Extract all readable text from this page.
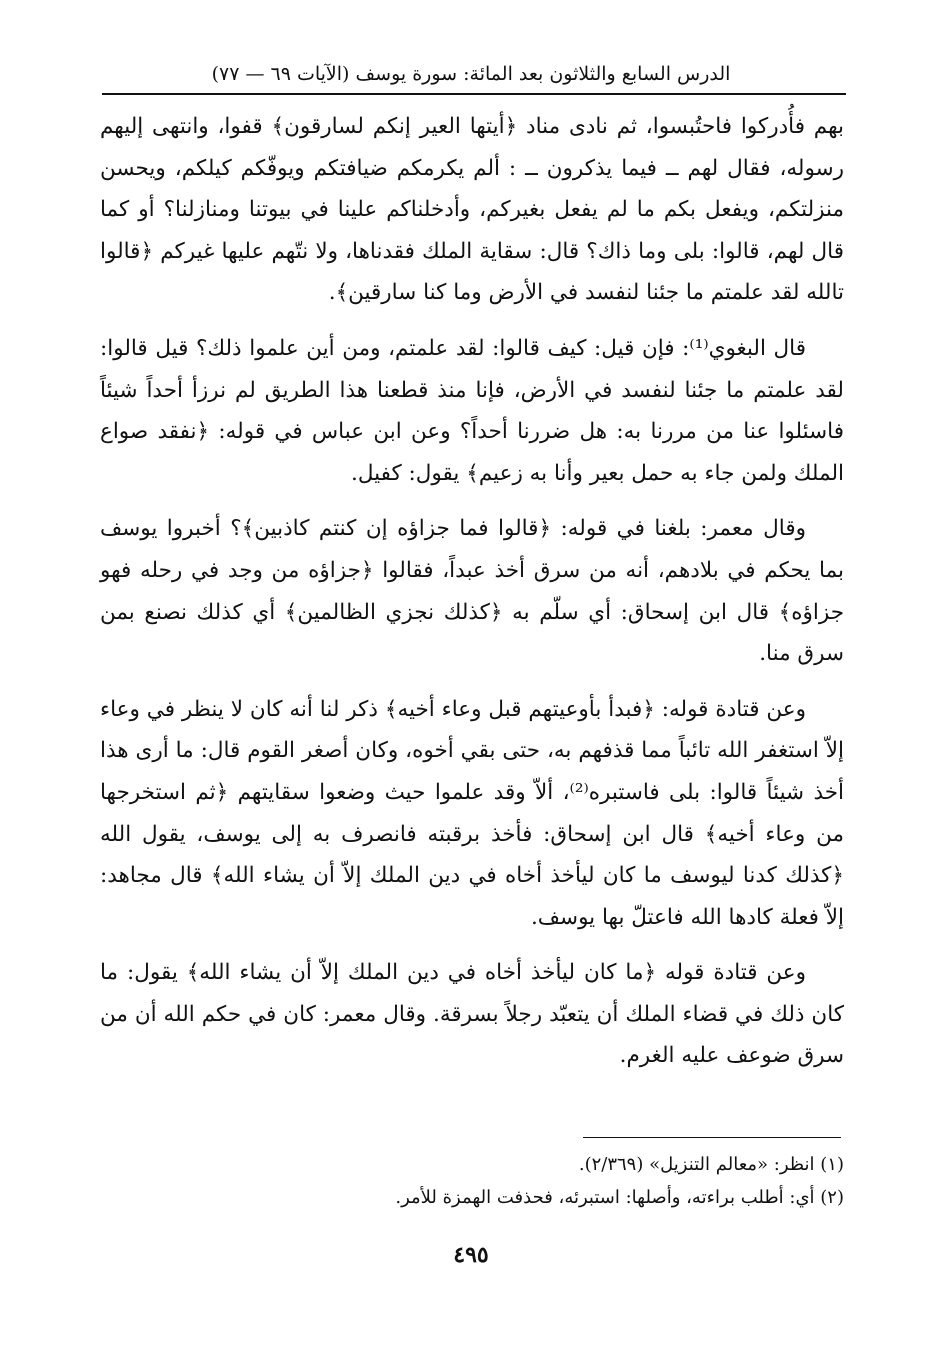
الدرس السابع والثلاثون بعد المائة: سورة يوسف (الآيات ٦٩ — ٧٧)

بهم فأُدركوا فاحتُبسوا، ثم نادى مناد ﴿أيتها العير إنكم لسارقون﴾ قفوا، وانتهى إليهم رسوله، فقال لهم ــ فيما يذكرون ــ : ألم يكرمكم ضيافتكم ويوفّكم كيلكم، ويحسن منزلتكم، ويفعل بكم ما لم يفعل بغيركم، وأدخلناكم علينا في بيوتنا ومنازلنا؟ أو كما قال لهم، قالوا: بلى وما ذاك؟ قال: سقاية الملك فقدناها، ولا نتّهم عليها غيركم ﴿قالوا تالله لقد علمتم ما جئنا لنفسد في الأرض وما كنا سارقين﴾.

قال البغوي⁽¹⁾: فإن قيل: كيف قالوا: لقد علمتم، ومن أين علموا ذلك؟ قيل قالوا: لقد علمتم ما جئنا لنفسد في الأرض، فإنا منذ قطعنا هذا الطريق لم نرزأ أحداً شيئاً فاسئلوا عنا من مررنا به: هل ضررنا أحداً؟ وعن ابن عباس في قوله: ﴿نفقد صواع الملك ولمن جاء به حمل بعير وأنا به زعيم﴾ يقول: كفيل.

وقال معمر: بلغنا في قوله: ﴿قالوا فما جزاؤه إن كنتم كاذبين﴾؟ أخبروا يوسف بما يحكم في بلادهم، أنه من سرق أخذ عبداً، فقالوا ﴿جزاؤه من وجد في رحله فهو جزاؤه﴾ قال ابن إسحاق: أي سلّم به ﴿كذلك نجزي الظالمين﴾ أي كذلك نصنع بمن سرق منا.

وعن قتادة قوله: ﴿فبدأ بأوعيتهم قبل وعاء أخيه﴾ ذكر لنا أنه كان لا ينظر في وعاء إلاّ استغفر الله تائباً مما قذفهم به، حتى بقي أخوه، وكان أصغر القوم قال: ما أرى هذا أخذ شيئاً قالوا: بلى فاستبره⁽²⁾، ألاّ وقد علموا حيث وضعوا سقايتهم ﴿ثم استخرجها من وعاء أخيه﴾ قال ابن إسحاق: فأخذ برقبته فانصرف به إلى يوسف، يقول الله ﴿كذلك كدنا ليوسف ما كان ليأخذ أخاه في دين الملك إلاّ أن يشاء الله﴾ قال مجاهد: إلاّ فعلة كادها الله فاعتلّ بها يوسف.

وعن قتادة قوله ﴿ما كان ليأخذ أخاه في دين الملك إلاّ أن يشاء الله﴾ يقول: ما كان ذلك في قضاء الملك أن يتعبّد رجلاً بسرقة. وقال معمر: كان في حكم الله أن من سرق ضوعف عليه الغرم.

(١) انظر: «معالم التنزيل» (٢/٣٦٩).

(٢) أي: أطلب براءته، وأصلها: استبرئه، فحذفت الهمزة للأمر.

٤٩٥
